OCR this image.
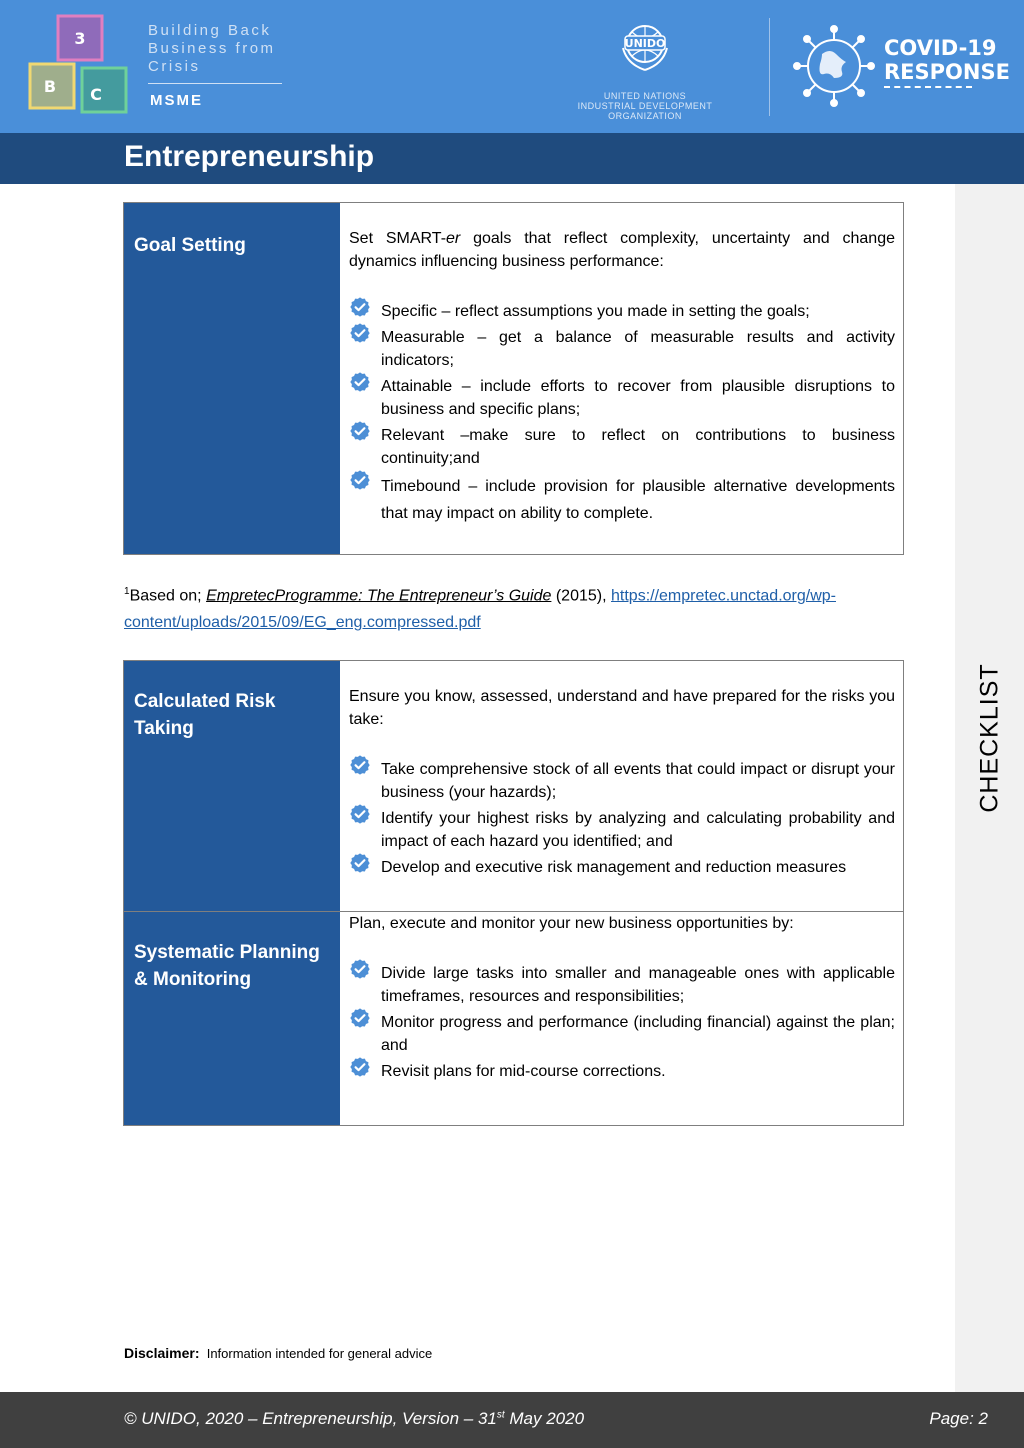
3
B C
Building Back
Business from
Crisis
MSME
UNIDO
UNITED NATIONS
INDUSTRIAL DEVELOPMENT ORGANIZATION
COVID-19
RESPONSE
Entrepreneurship
CHECKLIST
Goal Setting	Set SMART-er goals that reflect complexity, uncertainty and change dynamics influencing business performance:
Specific – reflect assumptions you made in setting the goals;
Measurable – get a balance of measurable results and activity indicators;
Attainable – include efforts to recover from plausible disruptions to business and specific plans;
Relevant –make sure to reflect on contributions to business continuity;and
Timebound – include provision for plausible alternative developments that may impact on ability to complete.
$^1$Based on; EmpretecProgramme: The Entrepreneur’s Guide (2015), https://empretec.unctad.org/wp-content/uploads/2015/09/EG_eng.compressed.pdf
Calculated Risk Taking
Ensure you know, assessed, understand and have prepared for the risks you take:
Take comprehensive stock of all events that could impact or disrupt your business (your hazards);
Identify your highest risks by analyzing and calculating probability and impact of each hazard you identified; and
Develop and executive risk management and reduction measures
Systematic Planning & Monitoring
Plan, execute and monitor your new business opportunities by:
Divide large tasks into smaller and manageable ones with applicable timeframes, resources and responsibilities;
Monitor progress and performance (including financial) against the plan; and
Revisit plans for mid-course corrections.
Disclaimer: Information intended for general advice
© UNIDO, 2020 – Entrepreneurship, Version – 31st May 2020	Page: 2
